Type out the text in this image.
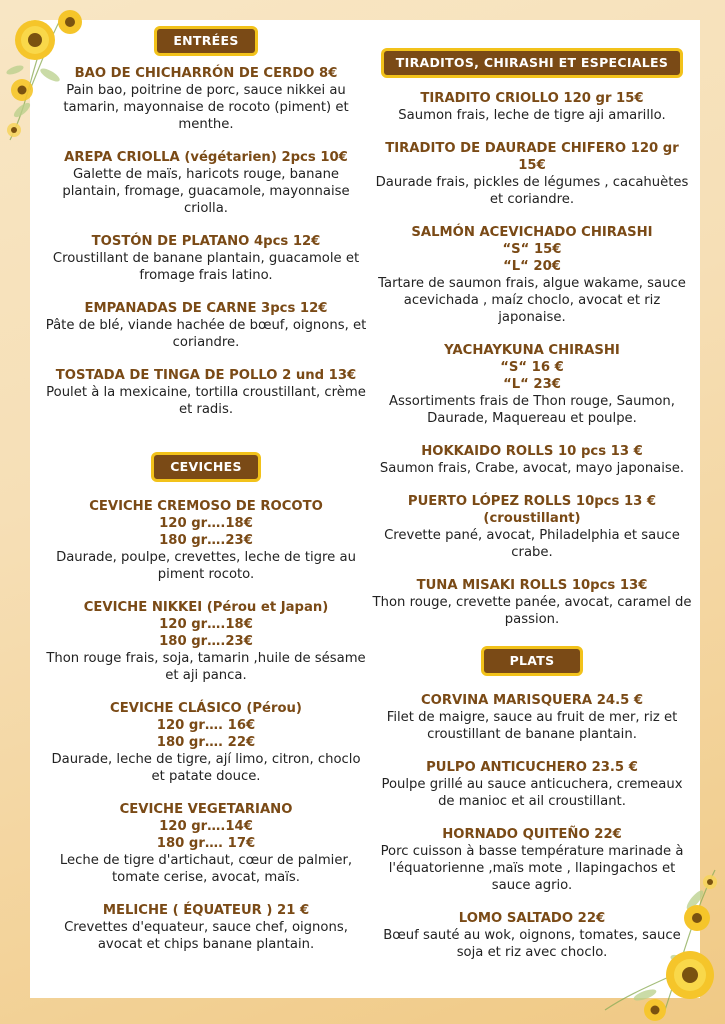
ENTRÉES
BAO DE CHICHARRÓN DE CERDO 8€
Pain bao, poitrine de porc, sauce nikkei au tamarin, mayonnaise de rocoto (piment) et menthe.
AREPA CRIOLLA (végétarien) 2pcs 10€
Galette de maïs, haricots rouge, banane plantain, fromage, guacamole, mayonnaise criolla.
TOSTÓN DE PLATANO 4pcs 12€
Croustillant de banane plantain, guacamole et fromage frais latino.
EMPANADAS DE CARNE 3pcs 12€
Pâte de blé, viande hachée de bœuf, oignons, et coriandre.
TOSTADA DE TINGA DE POLLO 2 und 13€
Poulet à la mexicaine, tortilla croustillant, crème et radis.
CEVICHES
CEVICHE CREMOSO DE ROCOTO
120 gr….18€
180 gr….23€
Daurade, poulpe, crevettes, leche de tigre au piment rocoto.
CEVICHE NIKKEI (Pérou et Japan)
120 gr….18€
180 gr….23€
Thon rouge frais, soja, tamarin ,huile de sésame et aji panca.
CEVICHE CLÁSICO (Pérou)
120 gr…. 16€
180 gr…. 22€
Daurade, leche de tigre, ají limo, citron, choclo et patate douce.
CEVICHE VEGETARIANO
120 gr….14€
180 gr…. 17€
Leche de tigre d'artichaut, cœur de palmier, tomate cerise, avocat, maïs.
MELICHE ( ÉQUATEUR ) 21 €
Crevettes d'equateur, sauce chef, oignons, avocat et chips banane plantain.
TIRADITOS, CHIRASHI ET ESPECIALES
TIRADITO CRIOLLO 120 gr 15€
Saumon frais, leche de tigre aji amarillo.
TIRADITO DE DAURADE CHIFERO 120 gr 15€
Daurade frais, pickles de légumes , cacahuètes et coriandre.
SALMÓN ACEVICHADO CHIRASHI
“S“ 15€
“L“ 20€
Tartare de saumon frais, algue wakame, sauce acevichada , maíz choclo, avocat et riz japonaise.
YACHAYKUNA CHIRASHI
“S“ 16 €
“L“ 23€
Assortiments frais de Thon rouge, Saumon, Daurade, Maquereau et poulpe.
HOKKAIDO ROLLS 10 pcs 13 €
Saumon frais, Crabe, avocat, mayo japonaise.
PUERTO LÓPEZ ROLLS 10pcs 13 €
(croustillant)
Crevette pané, avocat, Philadelphia et sauce crabe.
TUNA MISAKI ROLLS 10pcs 13€
Thon rouge, crevette panée, avocat, caramel de passion.
PLATS
CORVINA MARISQUERA 24.5 €
Filet de maigre, sauce au fruit de mer, riz et croustillant de banane plantain.
PULPO ANTICUCHERO 23.5 €
Poulpe grillé au sauce anticuchera, cremeaux de manioc et ail croustillant.
HORNADO QUITEÑO 22€
Porc cuisson à basse température marinade à l'équatorienne ,maïs mote , llapingachos et sauce agrio.
LOMO SALTADO 22€
Bœuf sauté au wok, oignons, tomates, sauce soja et riz avec choclo.
